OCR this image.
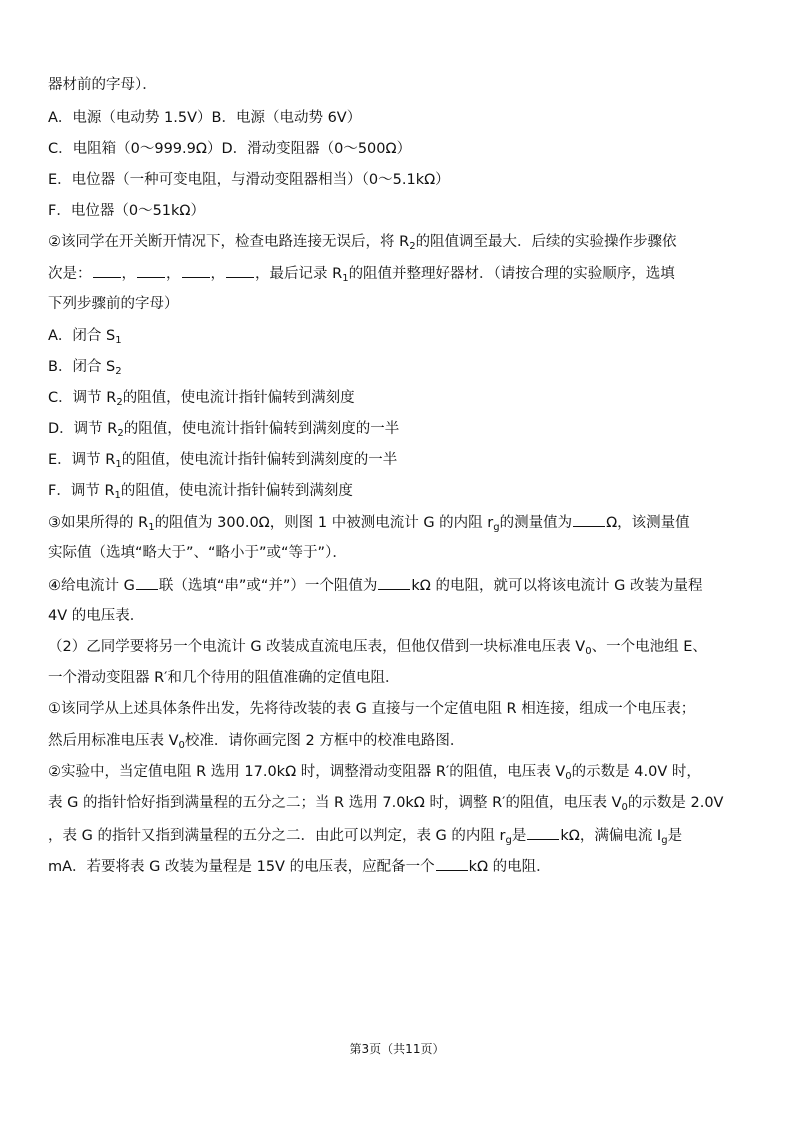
器材前的字母）．
A．电源（电动势 1.5V）B．电源（电动势 6V）
C．电阻箱（0～999.9Ω）D．滑动变阻器（0～500Ω）
E．电位器（一种可变电阻，与滑动变阻器相当）（0～5.1kΩ）
F．电位器（0～51kΩ）
②该同学在开关断开情况下，检查电路连接无误后，将 $R_2$的阻值调至最大．后续的实验操作步骤依
次是： ， ， ， ，最后记录 $R_1$的阻值并整理好器材．（请按合理的实验顺序，选填
下列步骤前的字母）
A．闭合 $S_1$
B．闭合 $S_2$
C．调节 $R_2$的阻值，使电流计指针偏转到满刻度
D．调节 $R_2$的阻值，使电流计指针偏转到满刻度的一半
E．调节 $R_1$的阻值，使电流计指针偏转到满刻度的一半
F．调节 $R_1$的阻值，使电流计指针偏转到满刻度
③如果所得的 $R_1$的阻值为 300.0Ω，则图 1 中被测电流计 G 的内阻 $r_g$的测量值为 Ω，该测量值
实际值（选填“略大于”、“略小于”或“等于”）．
④给电流计 G 联（选填“串”或“并”）一个阻值为 kΩ 的电阻，就可以将该电流计 G 改装为量程
4V 的电压表．
（2）乙同学要将另一个电流计 G 改装成直流电压表，但他仅借到一块标准电压表 $V_0$、一个电池组 E、
一个滑动变阻器 R′和几个待用的阻值准确的定值电阻．
①该同学从上述具体条件出发，先将待改装的表 G 直接与一个定值电阻 R 相连接，组成一个电压表；
然后用标准电压表 $V_0$校准．请你画完图 2 方框中的校准电路图．
②实验中，当定值电阻 R 选用 17.0kΩ 时，调整滑动变阻器 R′的阻值，电压表 $V_0$的示数是 4.0V 时，
表 G 的指针恰好指到满量程的五分之二；当 R 选用 7.0kΩ 时，调整 R′的阻值，电压表 $V_0$的示数是 2.0V
，表 G 的指针又指到满量程的五分之二．由此可以判定，表 G 的内阻 $r_g$是 kΩ，满偏电流 $I_g$是
mA．若要将表 G 改装为量程是 15V 的电压表，应配备一个 kΩ 的电阻．
第3页（共11页）
